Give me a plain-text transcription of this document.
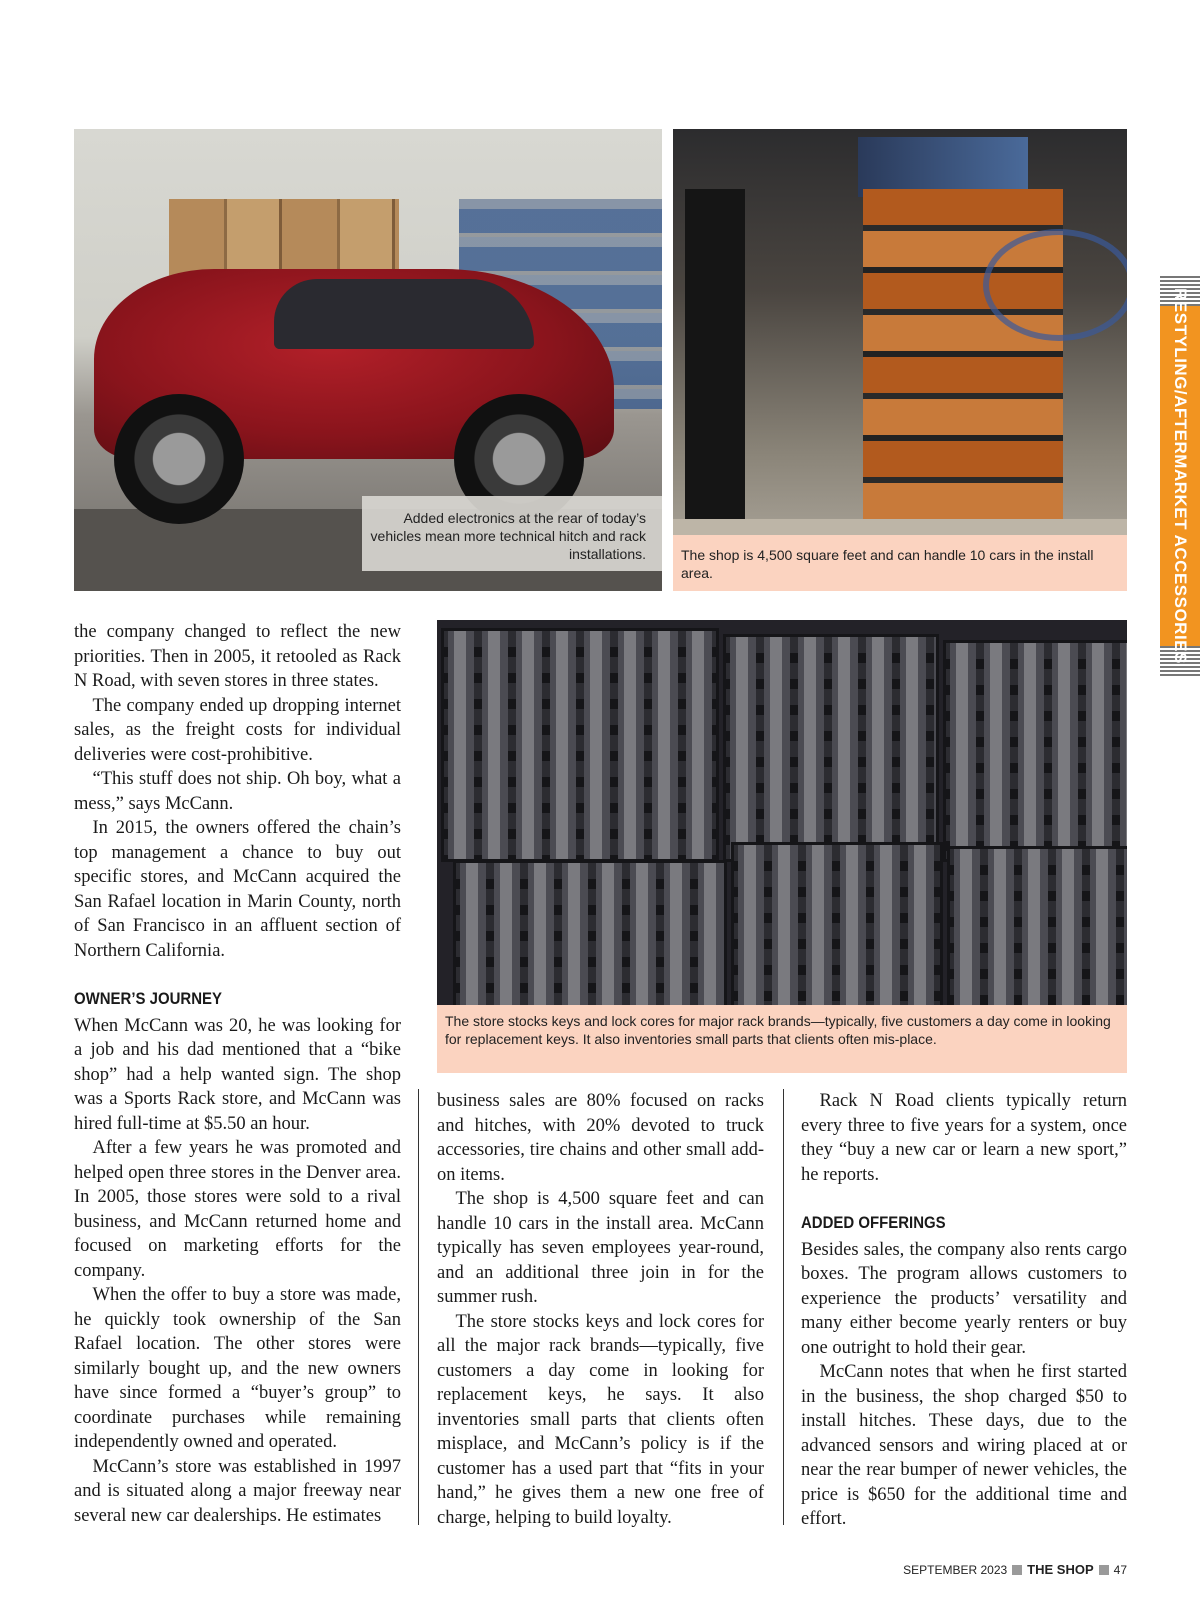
Added electronics at the rear of today’s vehicles mean more technical hitch and rack installations.	The shop is 4,500 square feet and can handle 10 cars in the install area.
The store stocks keys and lock cores for major rack brands—typically, five customers a day come in looking for replacement keys. It also inventories small parts that clients often mis-place.
RESTYLING/AFTERMARKET ACCESSORIES

the company changed to reflect the new priorities. Then in 2005, it retooled as Rack N Road, with seven stores in three states.

The company ended up dropping internet sales, as the freight costs for individual deliveries were cost-prohibitive.

“This stuff does not ship. Oh boy, what a mess,” says McCann.

In 2015, the owners offered the chain’s top management a chance to buy out specific stores, and McCann acquired the San Rafael location in Marin County, north of San Francisco in an affluent section of Northern California.

OWNER’S JOURNEY

When McCann was 20, he was looking for a job and his dad mentioned that a “bike shop” had a help wanted sign. The shop was a Sports Rack store, and McCann was hired full-time at $5.50 an hour.

After a few years he was promoted and helped open three stores in the Denver area. In 2005, those stores were sold to a rival business, and McCann returned home and focused on marketing efforts for the company.

When the offer to buy a store was made, he quickly took ownership of the San Rafael location. The other stores were similarly bought up, and the new owners have since formed a “buyer’s group” to coordinate purchases while remaining independently owned and operated.

McCann’s store was established in 1997 and is situated along a major freeway near several new car dealerships. He estimates

business sales are 80% focused on racks and hitches, with 20% devoted to truck accessories, tire chains and other small add-on items.

The shop is 4,500 square feet and can handle 10 cars in the install area. McCann typically has seven employees year-round, and an additional three join in for the summer rush.

The store stocks keys and lock cores for all the major rack brands—typically, five customers a day come in looking for replacement keys, he says. It also inventories small parts that clients often misplace, and McCann’s policy is if the customer has a used part that “fits in your hand,” he gives them a new one free of charge, helping to build loyalty.

Rack N Road clients typically return every three to five years for a system, once they “buy a new car or learn a new sport,” he reports.

ADDED OFFERINGS

Besides sales, the company also rents cargo boxes. The program allows customers to experience the products’ versatility and many either become yearly renters or buy one outright to hold their gear.

McCann notes that when he first started in the business, the shop charged $50 to install hitches. These days, due to the advanced sensors and wiring placed at or near the rear bumper of newer vehicles, the price is $650 for the additional time and effort.

SEPTEMBER 2023 THE SHOP 47
